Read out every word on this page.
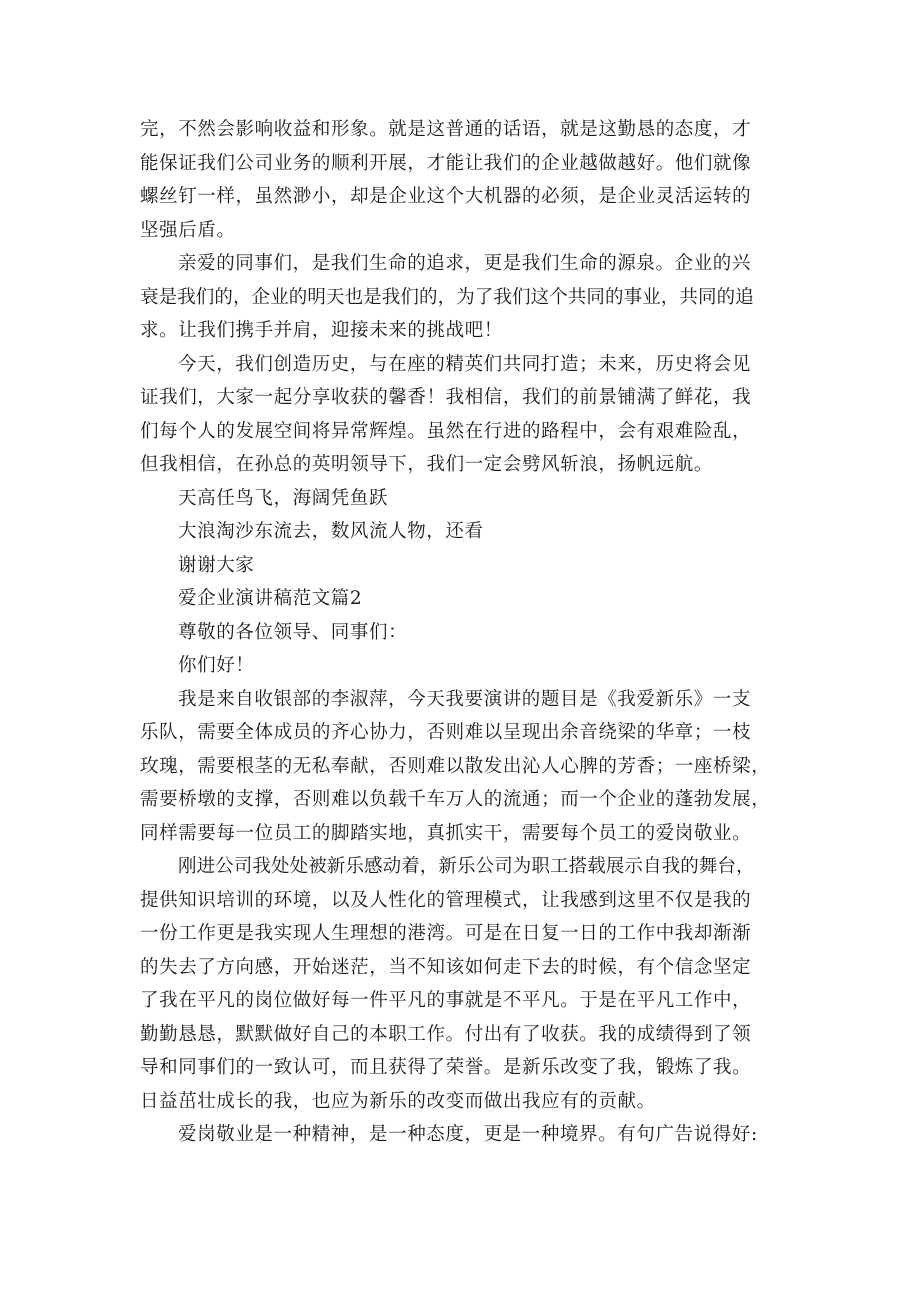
完，不然会影响收益和形象。就是这普通的话语，就是这勤恳的态度，才
能保证我们公司业务的顺利开展，才能让我们的企业越做越好。他们就像
螺丝钉一样，虽然渺小，却是企业这个大机器的必须，是企业灵活运转的
坚强后盾。
亲爱的同事们，是我们生命的追求，更是我们生命的源泉。企业的兴
衰是我们的，企业的明天也是我们的，为了我们这个共同的事业，共同的追
求。让我们携手并肩，迎接未来的挑战吧！
今天，我们创造历史，与在座的精英们共同打造；未来，历史将会见
证我们，大家一起分享收获的馨香！我相信，我们的前景铺满了鲜花，我
们每个人的发展空间将异常辉煌。虽然在行进的路程中，会有艰难险乱，
但我相信，在孙总的英明领导下，我们一定会劈风斩浪，扬帆远航。
天高任鸟飞，海阔凭鱼跃
大浪淘沙东流去，数风流人物，还看
谢谢大家
爱企业演讲稿范文篇2
尊敬的各位领导、同事们：
你们好！
我是来自收银部的李淑萍，今天我要演讲的题目是《我爱新乐》一支
乐队，需要全体成员的齐心协力，否则难以呈现出余音绕梁的华章；一枝
玫瑰，需要根茎的无私奉献，否则难以散发出沁人心脾的芳香；一座桥梁，
需要桥墩的支撑，否则难以负载千车万人的流通；而一个企业的蓬勃发展，
同样需要每一位员工的脚踏实地，真抓实干，需要每个员工的爱岗敬业。
刚进公司我处处被新乐感动着，新乐公司为职工搭载展示自我的舞台，
提供知识培训的环境，以及人性化的管理模式，让我感到这里不仅是我的
一份工作更是我实现人生理想的港湾。可是在日复一日的工作中我却渐渐
的失去了方向感，开始迷茫，当不知该如何走下去的时候，有个信念坚定
了我在平凡的岗位做好每一件平凡的事就是不平凡。于是在平凡工作中，
勤勤恳恳，默默做好自己的本职工作。付出有了收获。我的成绩得到了领
导和同事们的一致认可，而且获得了荣誉。是新乐改变了我，锻炼了我。
日益茁壮成长的我，也应为新乐的改变而做出我应有的贡献。
爱岗敬业是一种精神，是一种态度，更是一种境界。有句广告说得好:
